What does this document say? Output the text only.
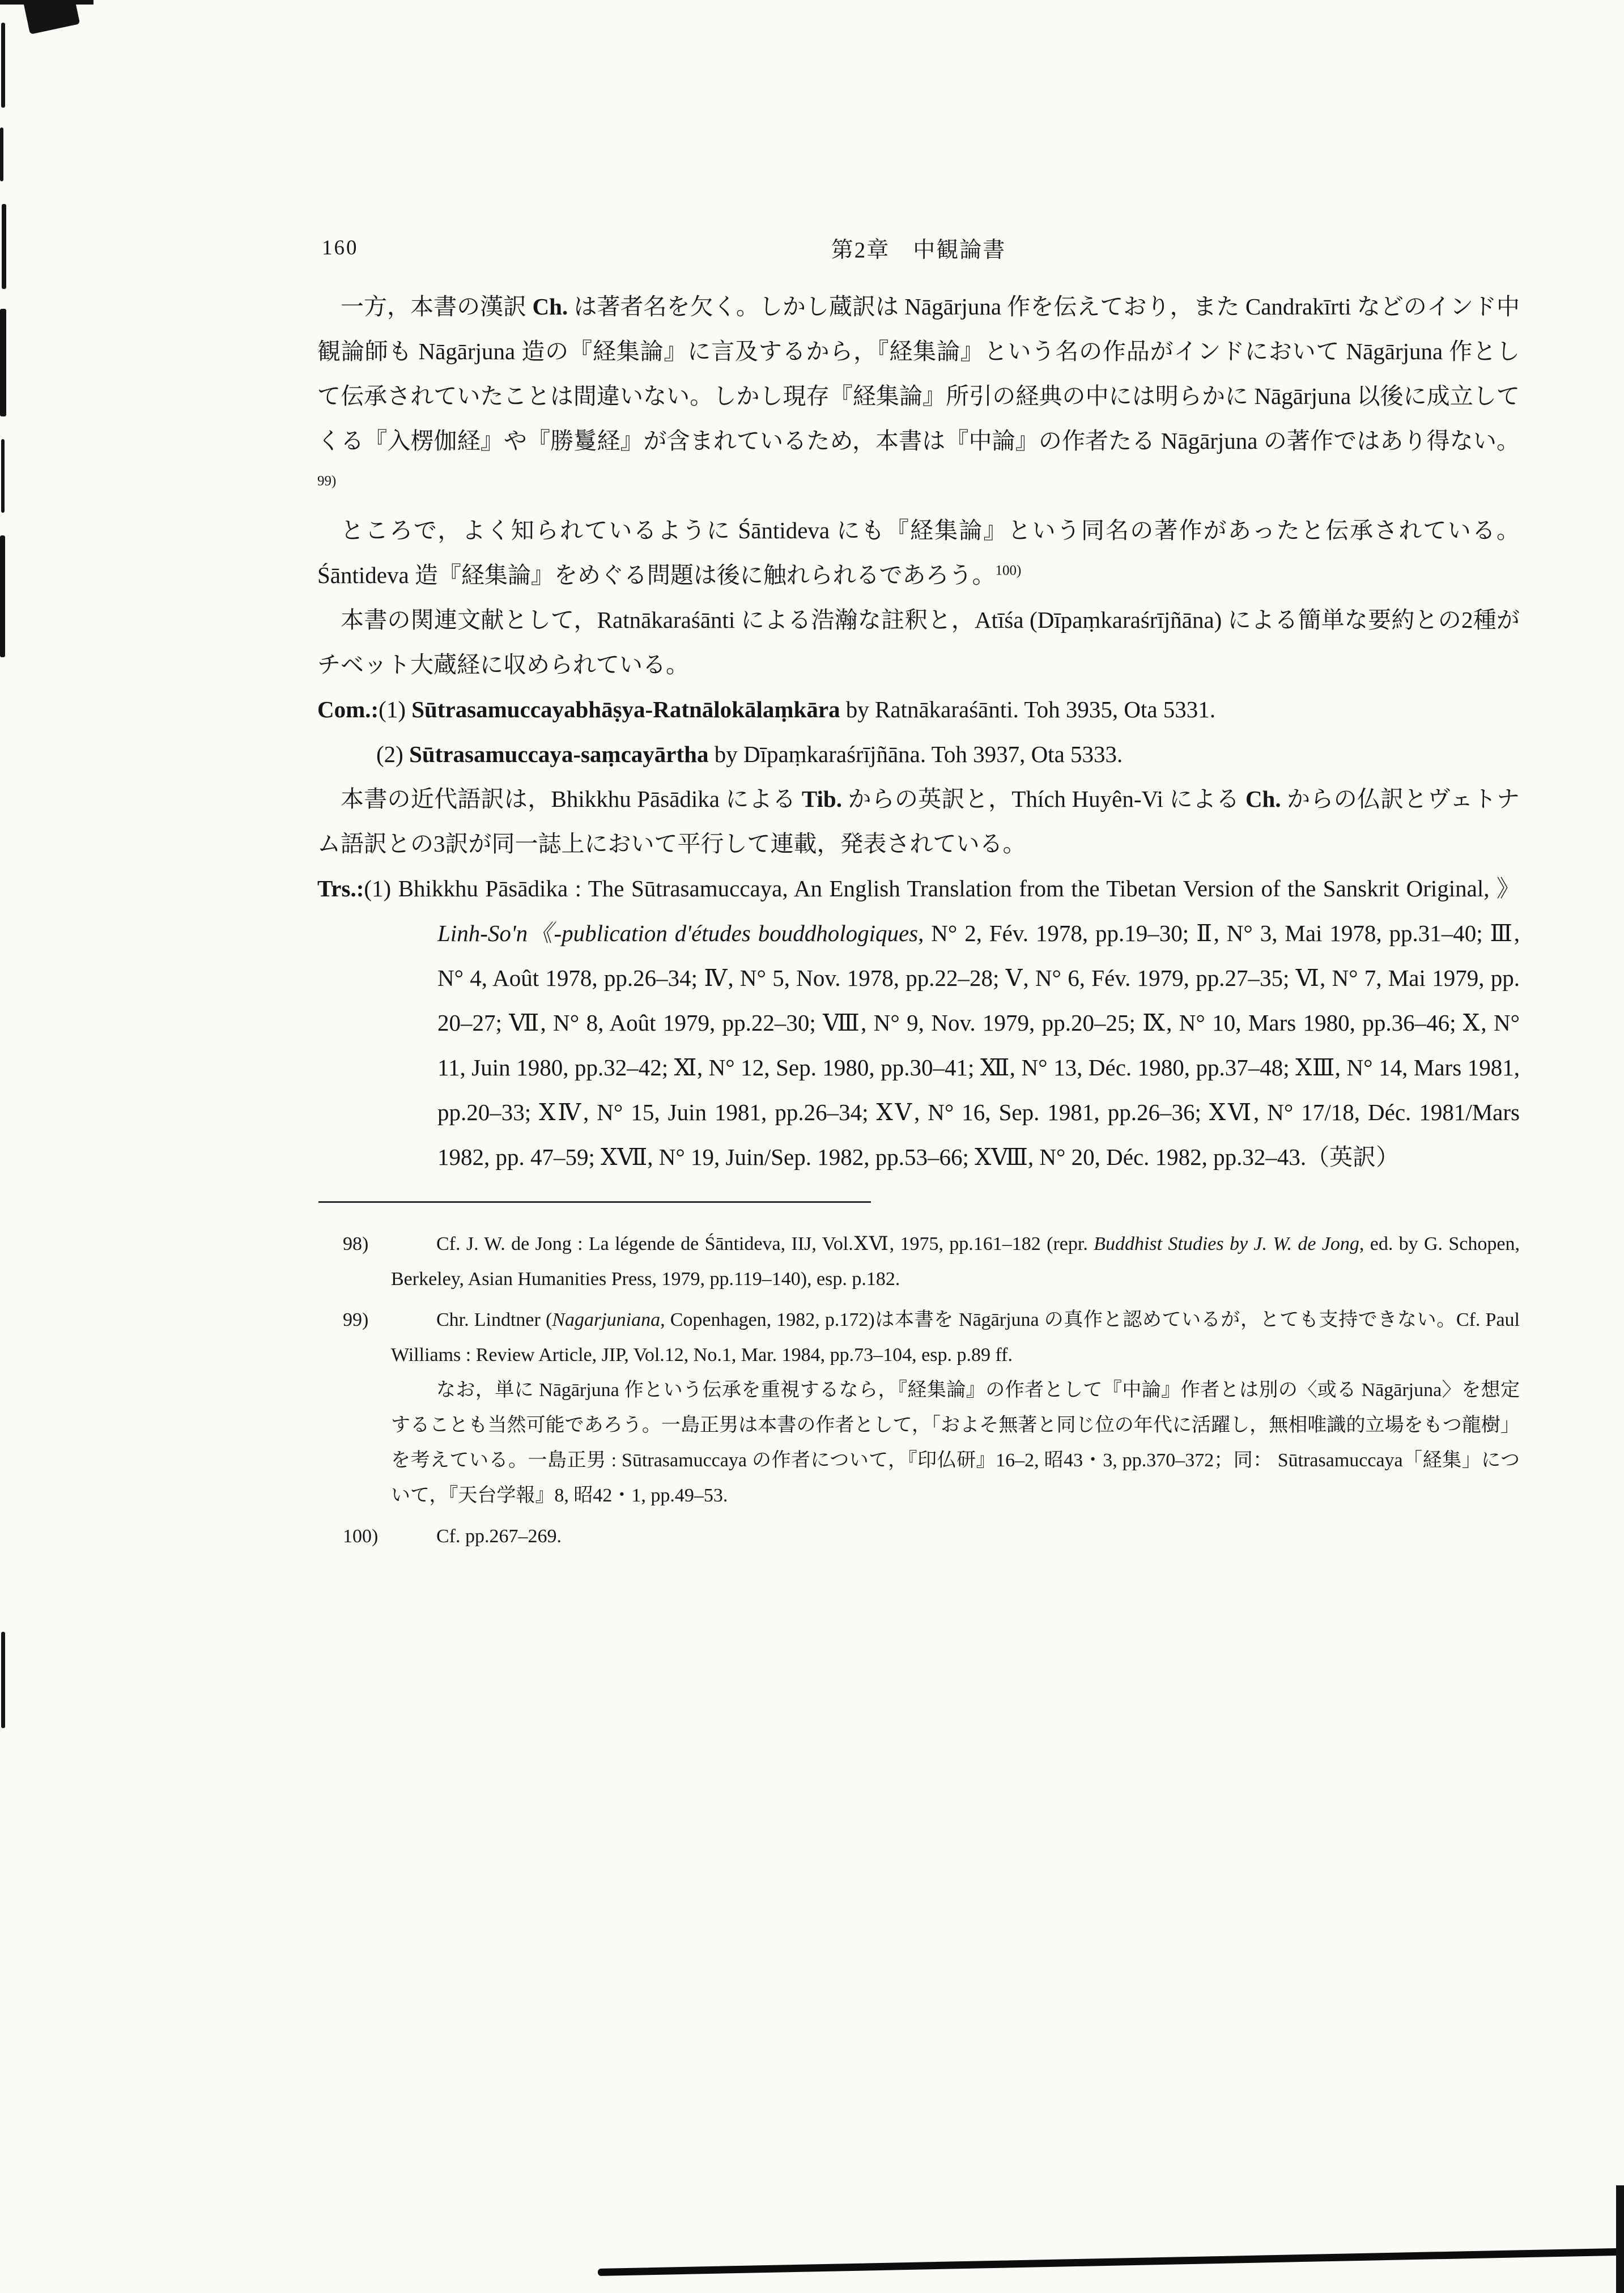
160	第2章　中観論書

一方，本書の漢訳 Ch. は著者名を欠く。しかし蔵訳は Nāgārjuna 作を伝えており，また Candrakīrti などのインド中観論師も Nāgārjuna 造の『経集論』に言及するから，『経集論』という名の作品がインドにおいて Nāgārjuna 作として伝承されていたことは間違いない。しかし現存『経集論』所引の経典の中には明らかに Nāgārjuna 以後に成立してくる『入楞伽経』や『勝鬘経』が含まれているため，本書は『中論』の作者たる Nāgārjuna の著作ではあり得ない。$^{99)}$

ところで，よく知られているように Śāntideva にも『経集論』という同名の著作があったと伝承されている。Śāntideva 造『経集論』をめぐる問題は後に触れられるであろう。$^{100)}$

本書の関連文献として，Ratnākaraśānti による浩瀚な註釈と，Atīśa (Dīpaṃkaraśrījñāna) による簡単な要約との2種がチベット大蔵経に収められている。

Com.:(1) Sūtrasamuccayabhāṣya-Ratnālokālaṃkāra by Ratnākaraśānti. Toh 3935, Ota 5331.

(2) Sūtrasamuccaya-saṃcayārtha by Dīpaṃkaraśrījñāna. Toh 3937, Ota 5333.

本書の近代語訳は，Bhikkhu Pāsādika による Tib. からの英訳と，Thích Huyên-Vi による Ch. からの仏訳とヴェトナム語訳との3訳が同一誌上において平行して連載，発表されている。

Trs.:(1) Bhikkhu Pāsādika : The Sūtrasamuccaya, An English Translation from the Tibetan Version of the Sanskrit Original, 》Linh-So'n《-publication d'études bouddhologiques, N° 2, Fév. 1978, pp.19–30; Ⅱ, N° 3, Mai 1978, pp.31–40; Ⅲ, N° 4, Août 1978, pp.26–34; Ⅳ, N° 5, Nov. 1978, pp.22–28; Ⅴ, N° 6, Fév. 1979, pp.27–35; Ⅵ, N° 7, Mai 1979, pp. 20–27; Ⅶ, N° 8, Août 1979, pp.22–30; Ⅷ, N° 9, Nov. 1979, pp.20–25; Ⅸ, N° 10, Mars 1980, pp.36–46; Ⅹ, N° 11, Juin 1980, pp.32–42; Ⅺ, N° 12, Sep. 1980, pp.30–41; Ⅻ, N° 13, Déc. 1980, pp.37–48; ⅩⅢ, N° 14, Mars 1981, pp.20–33; ⅩⅣ, N° 15, Juin 1981, pp.26–34; ⅩⅤ, N° 16, Sep. 1981, pp.26–36; ⅩⅥ, N° 17/18, Déc. 1981/Mars 1982, pp. 47–59; ⅩⅦ, N° 19, Juin/Sep. 1982, pp.53–66; ⅩⅧ, N° 20, Déc. 1982, pp.32–43.（英訳）

98)	Cf. J. W. de Jong : La légende de Śāntideva, IIJ, Vol.ⅩⅥ, 1975, pp.161–182 (repr. Buddhist Studies by J. W. de Jong, ed. by G. Schopen, Berkeley, Asian Humanities Press, 1979, pp.119–140), esp. p.182.

99)	Chr. Lindtner (Nagarjuniana, Copenhagen, 1982, p.172)は本書を Nāgārjuna の真作と認めているが，とても支持できない。Cf. Paul Williams : Review Article, JIP, Vol.12, No.1, Mar. 1984, pp.73–104, esp. p.89 ff.

なお，単に Nāgārjuna 作という伝承を重視するなら，『経集論』の作者として『中論』作者とは別の〈或る Nāgārjuna〉を想定することも当然可能であろう。一島正男は本書の作者として，「およそ無著と同じ位の年代に活躍し，無相唯識的立場をもつ龍樹」を考えている。一島正男 : Sūtrasamuccaya の作者について，『印仏研』16–2, 昭43・3, pp.370–372；同： Sūtrasamuccaya「経集」について，『天台学報』8, 昭42・1, pp.49–53.

100)	Cf. pp.267–269.
